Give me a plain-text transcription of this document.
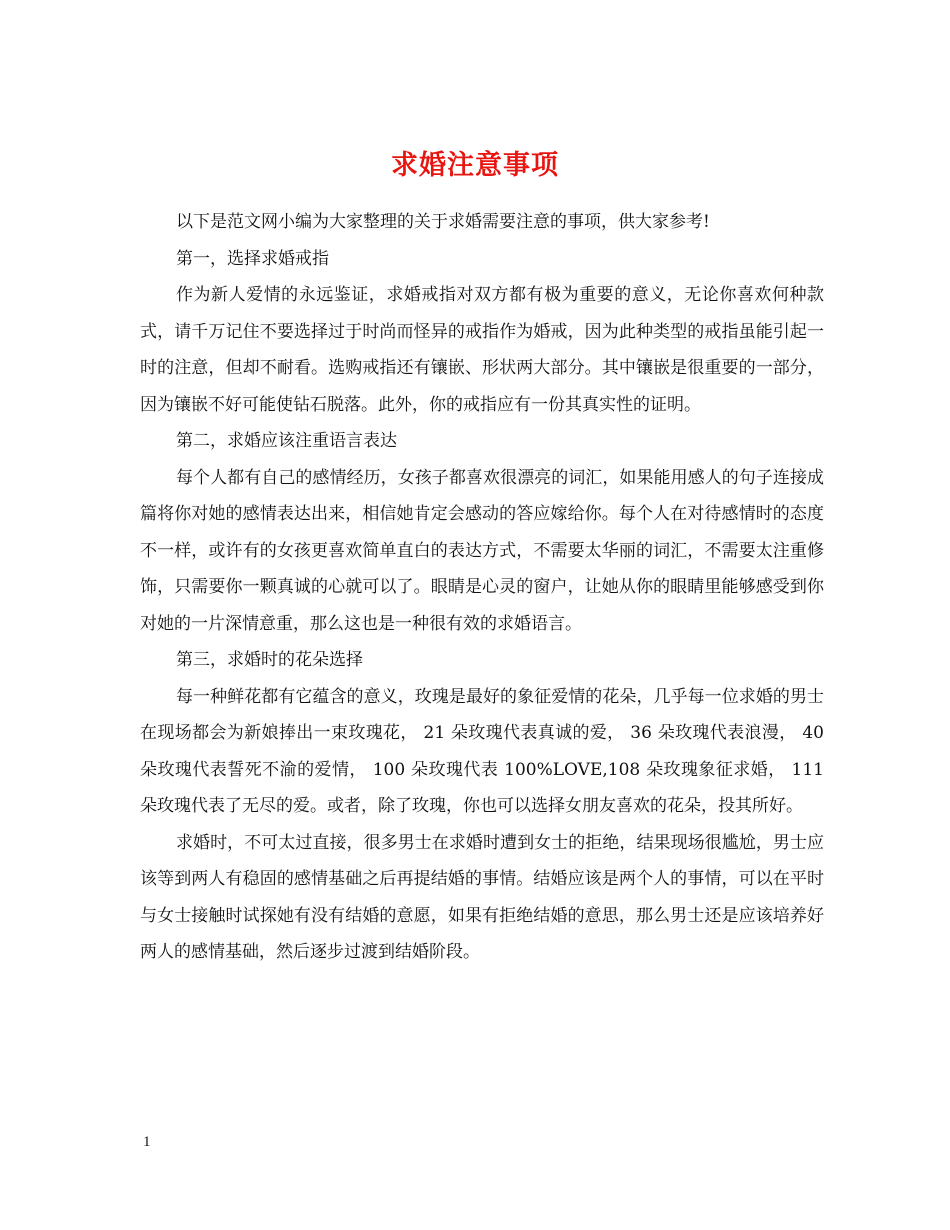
求婚注意事项

以下是范文网小编为大家整理的关于求婚需要注意的事项，供大家参考!

第一，选择求婚戒指

作为新人爱情的永远鉴证，求婚戒指对双方都有极为重要的意义，无论你喜欢何种款式，请千万记住不要选择过于时尚而怪异的戒指作为婚戒，因为此种类型的戒指虽能引起一时的注意，但却不耐看。选购戒指还有镶嵌、形状两大部分。其中镶嵌是很重要的一部分，因为镶嵌不好可能使钻石脱落。此外，你的戒指应有一份其真实性的证明。

第二，求婚应该注重语言表达

每个人都有自己的感情经历，女孩子都喜欢很漂亮的词汇，如果能用感人的句子连接成篇将你对她的感情表达出来，相信她肯定会感动的答应嫁给你。每个人在对待感情时的态度不一样，或许有的女孩更喜欢简单直白的表达方式，不需要太华丽的词汇，不需要太注重修饰，只需要你一颗真诚的心就可以了。眼睛是心灵的窗户，让她从你的眼睛里能够感受到你对她的一片深情意重，那么这也是一种很有效的求婚语言。

第三，求婚时的花朵选择

每一种鲜花都有它蕴含的意义，玫瑰是最好的象征爱情的花朵，几乎每一位求婚的男士在现场都会为新娘捧出一束玫瑰花， 21 朵玫瑰代表真诚的爱， 36 朵玫瑰代表浪漫， 40 朵玫瑰代表誓死不渝的爱情， 100 朵玫瑰代表 100%LOVE,108 朵玫瑰象征求婚， 111 朵玫瑰代表了无尽的爱。或者，除了玫瑰，你也可以选择女朋友喜欢的花朵，投其所好。

求婚时，不可太过直接，很多男士在求婚时遭到女士的拒绝，结果现场很尴尬，男士应该等到两人有稳固的感情基础之后再提结婚的事情。结婚应该是两个人的事情，可以在平时与女士接触时试探她有没有结婚的意愿，如果有拒绝结婚的意思，那么男士还是应该培养好两人的感情基础，然后逐步过渡到结婚阶段。

1
